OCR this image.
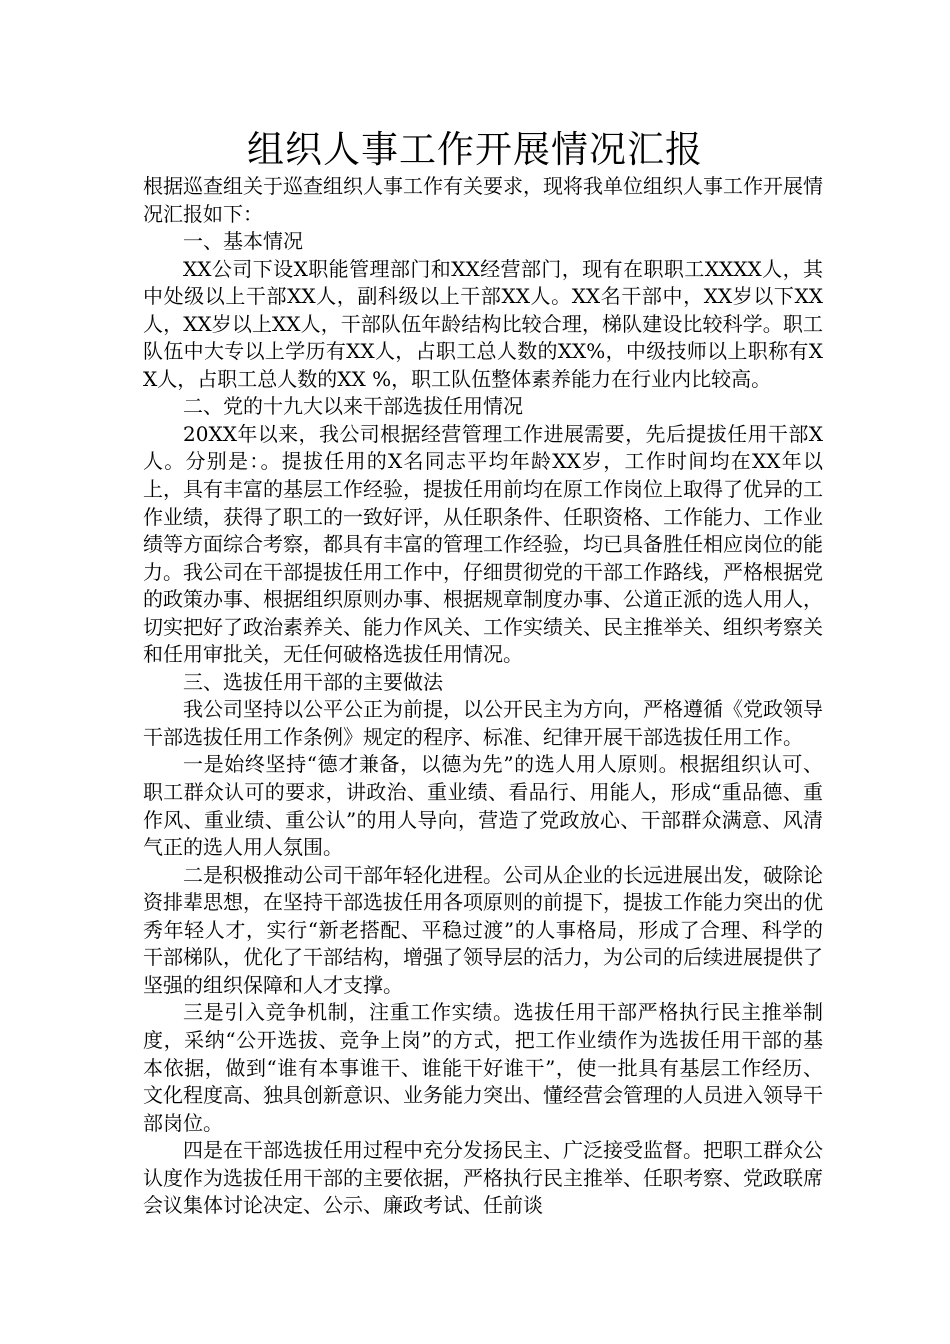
组织人事工作开展情况汇报

根据巡查组关于巡查组织人事工作有关要求，现将我单位组织人事工作开展情况汇报如下：

一、基本情况

XX公司下设X职能管理部门和XX经营部门，现有在职职工XXXX人，其中处级以上干部XX人，副科级以上干部XX人。XX名干部中，XX岁以下XX人，XX岁以上XX人，干部队伍年龄结构比较合理，梯队建设比较科学。职工队伍中大专以上学历有XX人，占职工总人数的XX%，中级技师以上职称有XX人，占职工总人数的XX %，职工队伍整体素养能力在行业内比较高。

二、党的十九大以来干部选拔任用情况

20XX年以来，我公司根据经营管理工作进展需要，先后提拔任用干部X人。分别是：。提拔任用的X名同志平均年龄XX岁，工作时间均在XX年以上，具有丰富的基层工作经验，提拔任用前均在原工作岗位上取得了优异的工作业绩，获得了职工的一致好评，从任职条件、任职资格、工作能力、工作业绩等方面综合考察，都具有丰富的管理工作经验，均已具备胜任相应岗位的能力。我公司在干部提拔任用工作中，仔细贯彻党的干部工作路线，严格根据党的政策办事、根据组织原则办事、根据规章制度办事、公道正派的选人用人，切实把好了政治素养关、能力作风关、工作实绩关、民主推举关、组织考察关和任用审批关，无任何破格选拔任用情况。

三、选拔任用干部的主要做法

我公司坚持以公平公正为前提，以公开民主为方向，严格遵循《党政领导干部选拔任用工作条例》规定的程序、标准、纪律开展干部选拔任用工作。

一是始终坚持“德才兼备，以德为先”的选人用人原则。根据组织认可、职工群众认可的要求，讲政治、重业绩、看品行、用能人，形成“重品德、重作风、重业绩、重公认”的用人导向，营造了党政放心、干部群众满意、风清气正的选人用人氛围。

二是积极推动公司干部年轻化进程。公司从企业的长远进展出发，破除论资排辈思想，在坚持干部选拔任用各项原则的前提下，提拔工作能力突出的优秀年轻人才，实行“新老搭配、平稳过渡”的人事格局，形成了合理、科学的干部梯队，优化了干部结构，增强了领导层的活力，为公司的后续进展提供了坚强的组织保障和人才支撑。

三是引入竞争机制，注重工作实绩。选拔任用干部严格执行民主推举制度，采纳“公开选拔、竞争上岗”的方式，把工作业绩作为选拔任用干部的基本依据，做到“谁有本事谁干、谁能干好谁干”，使一批具有基层工作经历、文化程度高、独具创新意识、业务能力突出、懂经营会管理的人员进入领导干部岗位。

四是在干部选拔任用过程中充分发扬民主、广泛接受监督。把职工群众公认度作为选拔任用干部的主要依据，严格执行民主推举、任职考察、党政联席会议集体讨论决定、公示、廉政考试、任前谈
